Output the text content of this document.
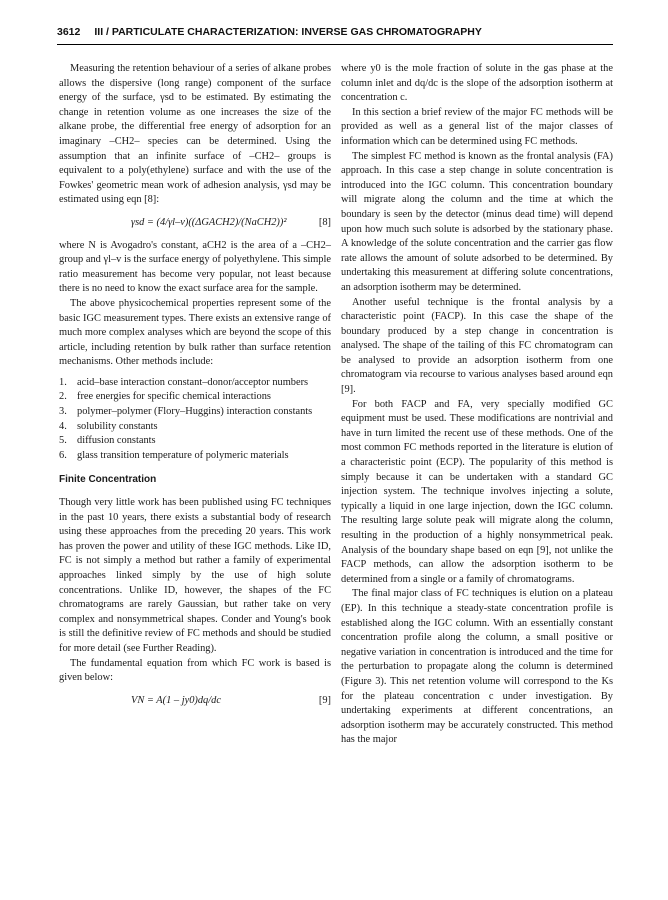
3612 III / PARTICULATE CHARACTERIZATION: INVERSE GAS CHROMATOGRAPHY

Measuring the retention behaviour of a series of alkane probes allows the dispersive (long range) component of the surface energy of the surface, γsd to be estimated. By estimating the change in retention volume as one increases the size of the alkane probe, the differential free energy of adsorption for an imaginary –CH2– species can be determined. Using the assumption that an infinite surface of –CH2– groups is equivalent to a poly(ethylene) surface and with the use of the Fowkes' geometric mean work of adhesion analysis, γsd may be estimated using eqn [8]:

γsd = (4/γl–v)((ΔGACH2)/(NaCH2))²	[8]

where N is Avogadro's constant, aCH2 is the area of a –CH2– group and γl–v is the surface energy of polyethylene. This simple ratio measurement has become very popular, not least because there is no need to know the exact surface area for the sample.

The above physicochemical properties represent some of the basic IGC measurement types. There exists an extensive range of much more complex analyses which are beyond the scope of this article, including retention by bulk rather than surface retention mechanisms. Other methods include:

1. acid–base interaction constant–donor/acceptor numbers
2. free energies for specific chemical interactions
3. polymer–polymer (Flory–Huggins) interaction constants
4. solubility constants
5. diffusion constants
6. glass transition temperature of polymeric materials
Finite Concentration

Though very little work has been published using FC techniques in the past 10 years, there exists a substantial body of research using these approaches from the preceding 20 years. This work has proven the power and utility of these IGC methods. Like ID, FC is not simply a method but rather a family of experimental approaches linked simply by the use of high solute concentrations. Unlike ID, however, the shapes of the FC chromatograms are rarely Gaussian, but rather take on very complex and nonsymmetrical shapes. Conder and Young's book is still the definitive review of FC methods and should be studied for more detail (see Further Reading).

The fundamental equation from which FC work is based is given below:

VN = A(1 – jy0)dq/dc	[9]

where y0 is the mole fraction of solute in the gas phase at the column inlet and dq/dc is the slope of the adsorption isotherm at concentration c.

In this section a brief review of the major FC methods will be provided as well as a general list of the major classes of information which can be determined using FC methods.

The simplest FC method is known as the frontal analysis (FA) approach. In this case a step change in solute concentration is introduced into the IGC column. This concentration boundary will migrate along the column and the time at which the boundary is seen by the detector (minus dead time) will depend upon how much such solute is adsorbed by the stationary phase. A knowledge of the solute concentration and the carrier gas flow rate allows the amount of solute adsorbed to be determined. By undertaking this measurement at differing solute concentrations, an adsorption isotherm may be determined.

Another useful technique is the frontal analysis by a characteristic point (FACP). In this case the shape of the boundary produced by a step change in concentration is analysed. The shape of the tailing of this FC chromatogram can be analysed to provide an adsorption isotherm from one chromatogram via recourse to various analyses based around eqn [9].

For both FACP and FA, very specially modified GC equipment must be used. These modifications are nontrivial and have in turn limited the recent use of these methods. One of the most common FC methods reported in the literature is elution of a characteristic point (ECP). The popularity of this method is simply because it can be undertaken with a standard GC injection system. The technique involves injecting a solute, typically a liquid in one large injection, down the IGC column. The resulting large solute peak will migrate along the column, resulting in the production of a highly nonsymmetrical peak. Analysis of the boundary shape based on eqn [9], not unlike the FACP methods, can allow the adsorption isotherm to be determined from a single or a family of chromatograms.

The final major class of FC techniques is elution on a plateau (EP). In this technique a steady-state concentration profile is established along the IGC column. With an essentially constant concentration profile along the column, a small positive or negative variation in concentration is introduced and the time for the perturbation to propagate along the column is determined (Figure 3). This net retention volume will correspond to the Ks for the plateau concentration c under investigation. By undertaking experiments at different concentrations, an adsorption isotherm may be accurately constructed. This method has the major
